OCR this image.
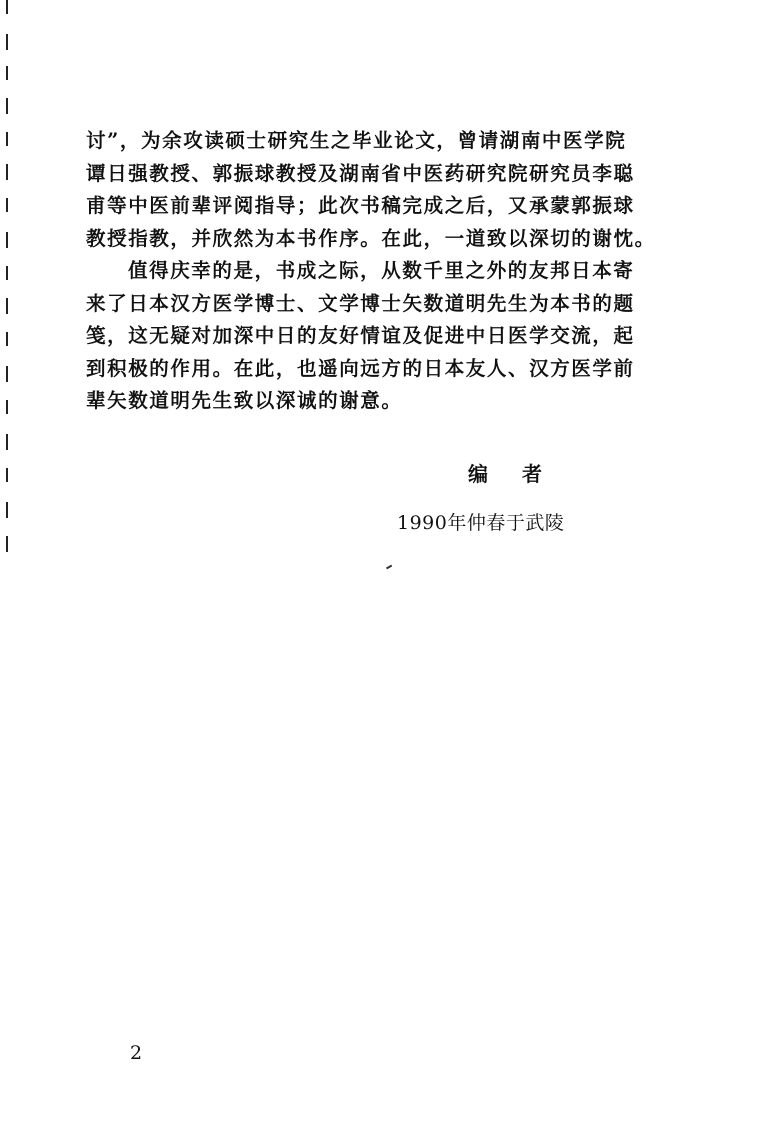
讨”，为余攻读硕士研究生之毕业论文，曾请湖南中医学院
谭日强教授、郭振球教授及湖南省中医药研究院研究员李聪
甫等中医前辈评阅指导；此次书稿完成之后，又承蒙郭振球
教授指教，并欣然为本书作序。在此，一道致以深切的谢忱。
值得庆幸的是，书成之际，从数千里之外的友邦日本寄
来了日本汉方医学博士、文学博士矢数道明先生为本书的题
笺，这无疑对加深中日的友好情谊及促进中日医学交流，起
到积极的作用。在此，也遥向远方的日本友人、汉方医学前
辈矢数道明先生致以深诚的谢意。
编者
1990年仲春于武陵
2
